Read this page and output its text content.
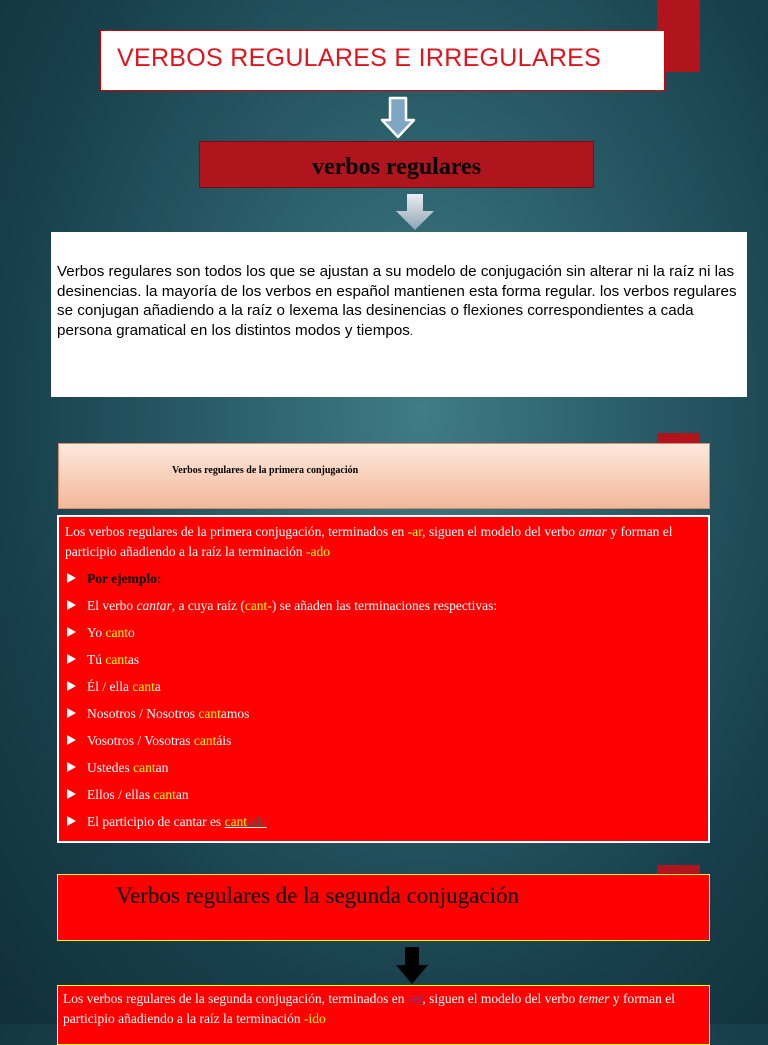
VERBOS REGULARES E IRREGULARES
verbos regulares
Verbos regulares son todos los que se ajustan a su modelo de conjugación sin alterar ni la raíz ni las desinencias. la mayoría de los verbos en español mantienen esta forma regular. los verbos regulares se conjugan añadiendo a la raíz o lexema las desinencias o flexiones correspondientes a cada persona gramatical en los distintos modos y tiempos.
Verbos regulares de la primera conjugación
Los verbos regulares de la primera conjugación, terminados en -ar, siguen el modelo del verbo amar y forman el participio añadiendo a la raíz la terminación -ado
Por ejemplo:
El verbo cantar, a cuya raíz (cant-) se añaden las terminaciones respectivas:
Yo canto
Tú cantas
Él / ella canta
Nosotros / Nosotros cantamos
Vosotros / Vosotras cantáis
Ustedes cantan
Ellos / ellas cantan
El participio de cantar es cantado
Verbos regulares de la segunda conjugación
Los verbos regulares de la segunda conjugación, terminados en -er, siguen el modelo del verbo temer y forman el participio añadiendo a la raíz la terminación -ido
